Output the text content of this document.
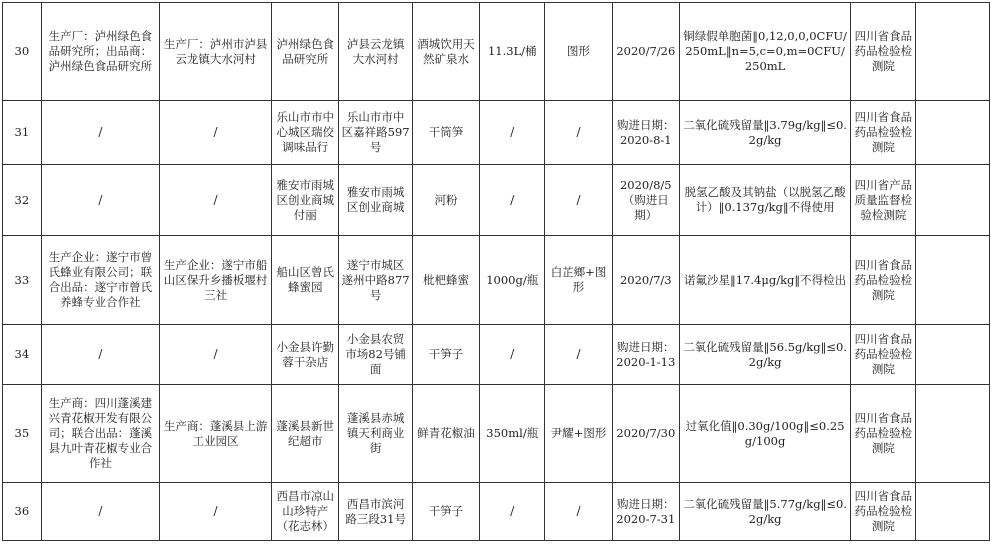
30	生产厂：泸州绿色食品研究所；出品商：泸州绿色食品研究所	生产厂：泸州市泸县云龙镇大水河村	泸州绿色食品研究所	泸县云龙镇大水河村	酒城饮用天然矿泉水	11.3L/桶	图形	2020/7/26	铜绿假单胞菌‖0,12,0,0,0CFU/250mL‖n=5,c=0,m=0CFU/250mL	四川省食品药品检验检测院	
31	/	/	乐山市市中心城区瑞佼调味品行	乐山市市中区嘉祥路597号	干筒笋	/	/	购进日期：2020-8-1	二氧化硫残留量‖3.79g/kg‖≤0.2g/kg	四川省食品药品检验检测院	
32	/	/	雅安市雨城区创业商城付丽	雅安市雨城区创业商城	河粉	/	/	2020/8/5（购进日期）	脱氢乙酸及其钠盐（以脱氢乙酸计）‖0.137g/kg‖不得使用	四川省产品质量监督检验检测院	
33	生产企业：遂宁市曾氏蜂业有限公司；联合出品：遂宁市曾氏养蜂专业合作社	生产企业：遂宁市船山区保升乡播板堰村三社	船山区曾氏蜂蜜园	遂宁市城区遂州中路877号	枇杷蜂蜜	1000g/瓶	白芷鄉+图形	2020/7/3	诺氟沙星‖17.4μg/kg‖不得检出	四川省食品药品检验检测院	
34	/	/	小金县许勤蓉干杂店	小金县农贸市场82号铺面	干笋子	/	/	购进日期：2020-1-13	二氧化硫残留量‖56.5g/kg‖≤0.2g/kg	四川省食品药品检验检测院	
35	生产商：四川蓬溪建兴青花椒开发有限公司；联合出品：蓬溪县九叶青花椒专业合作社	生产商：蓬溪县上游工业园区	蓬溪县新世纪超市	蓬溪县赤城镇天利商业街	鲜青花椒油	350ml/瓶	尹耀+图形	2020/7/30	过氧化值‖0.30g/100g‖≤0.25g/100g	四川省食品药品检验检测院	
36	/	/	西昌市凉山山珍特产（花志林）	西昌市滨河路三段31号	干笋子	/	/	购进日期：2020-7-31	二氧化硫残留量‖5.77g/kg‖≤0.2g/kg	四川省食品药品检验检测院	
